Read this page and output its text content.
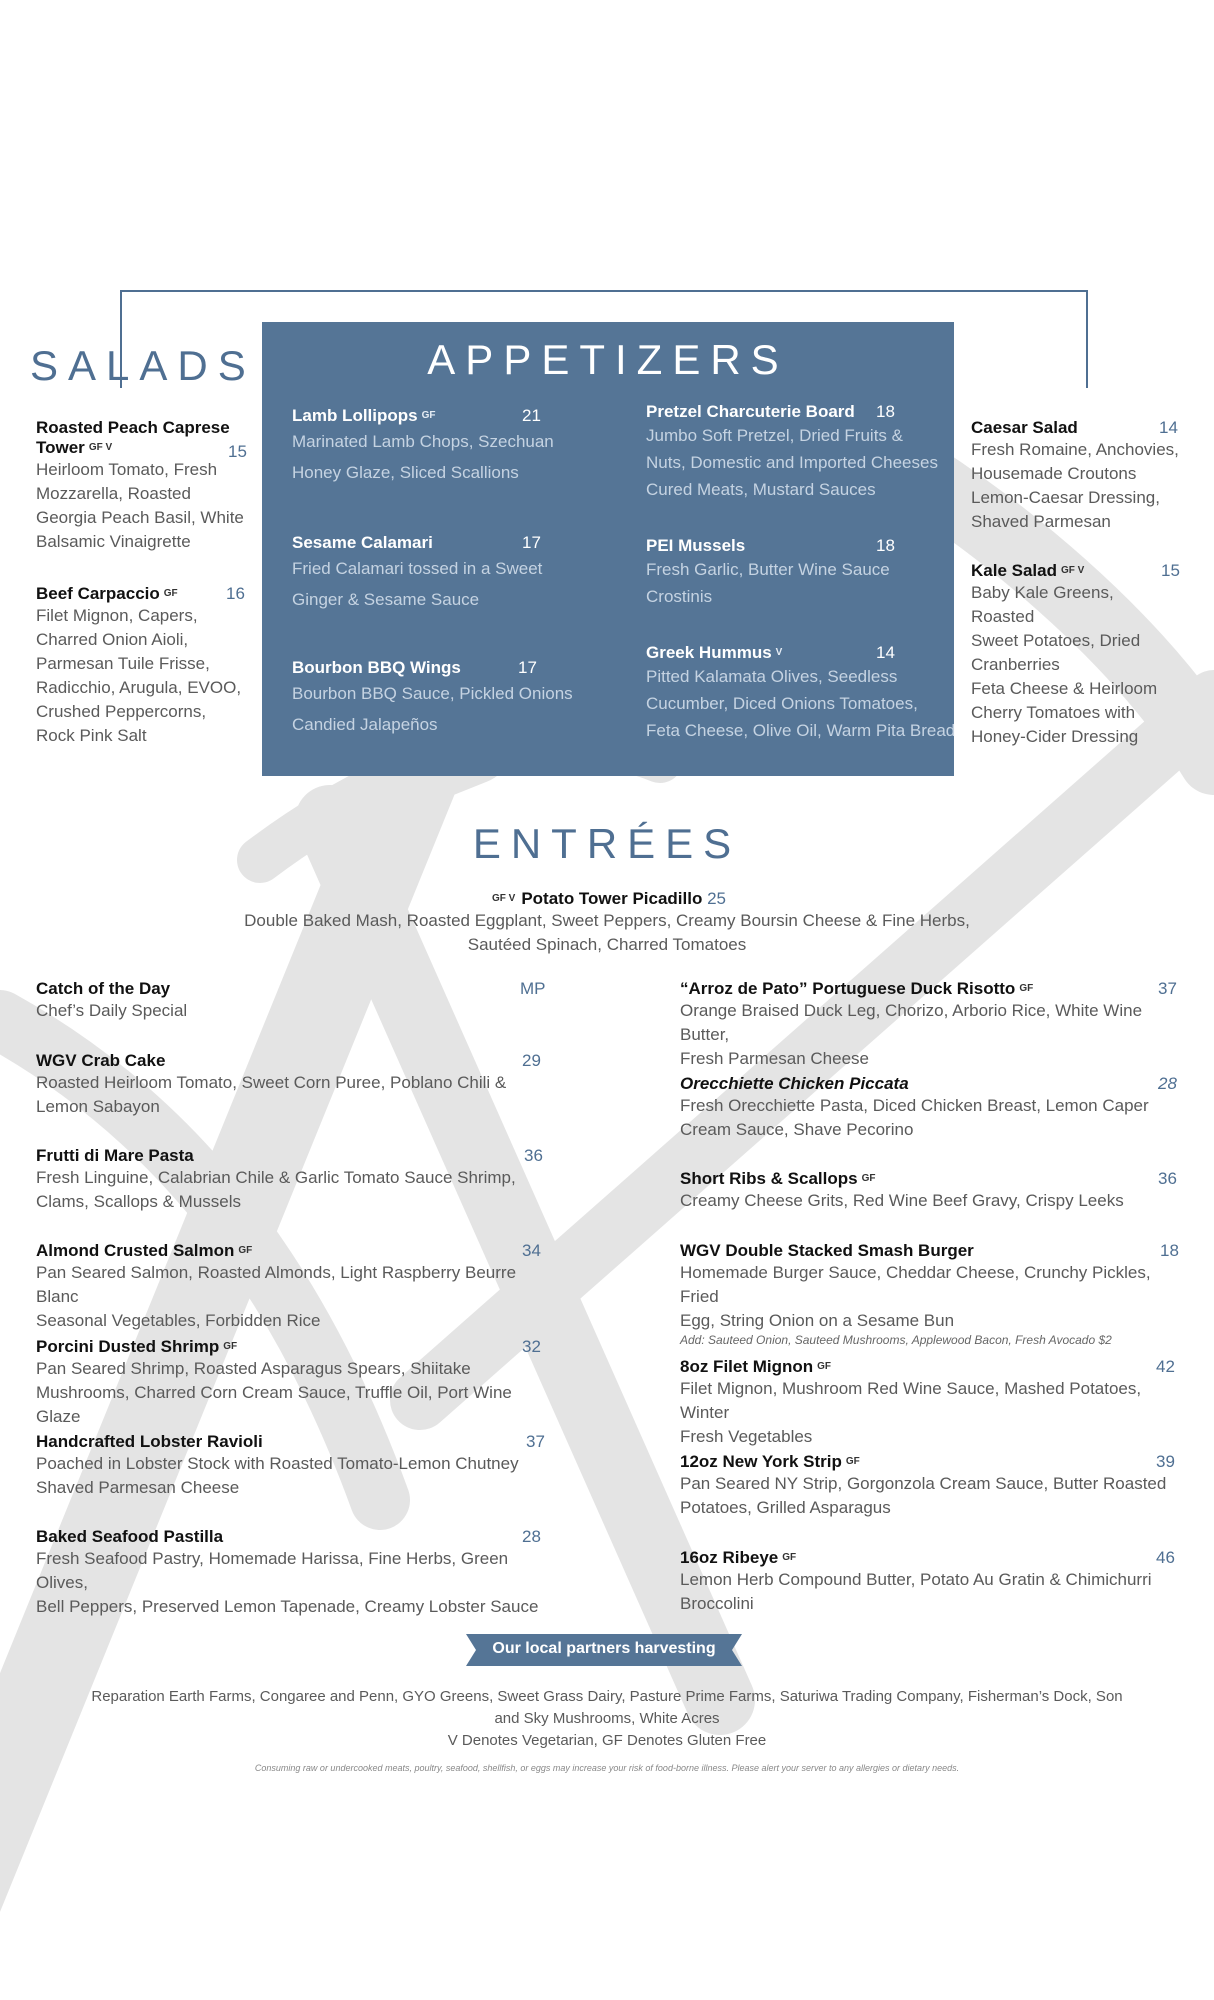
SALADS
Roasted Peach Caprese
Tower GF V	15
Heirloom Tomato, Fresh
Mozzarella, Roasted
Georgia Peach Basil, White
Balsamic Vinaigrette
Beef Carpaccio GF	16
Filet Mignon, Capers,
Charred Onion Aioli,
Parmesan Tuile Frisse,
Radicchio, Arugula, EVOO,
Crushed Peppercorns,
Rock Pink Salt
Caesar Salad	14
Fresh Romaine, Anchovies,
Housemade Croutons
Lemon-Caesar Dressing,
Shaved Parmesan
Kale Salad GF V	15
Baby Kale Greens, Roasted
Sweet Potatoes, Dried
Cranberries
Feta Cheese & Heirloom
Cherry Tomatoes with
Honey-Cider Dressing
APPETIZERS
Lamb Lollipops GF	21
Marinated Lamb Chops, Szechuan
Honey Glaze, Sliced Scallions
Sesame Calamari	17
Fried Calamari tossed in a Sweet
Ginger & Sesame Sauce
Bourbon BBQ Wings	17
Bourbon BBQ Sauce, Pickled Onions
Candied Jalapeños
Pretzel Charcuterie Board	18
Jumbo Soft Pretzel, Dried Fruits &
Nuts, Domestic and Imported Cheeses
Cured Meats, Mustard Sauces
PEI Mussels	18
Fresh Garlic, Butter Wine Sauce
Crostinis
Greek Hummus V	14
Pitted Kalamata Olives, Seedless
Cucumber, Diced Onions Tomatoes,
Feta Cheese, Olive Oil, Warm Pita Bread
ENTRÉES
GF V Potato Tower Picadillo 25
Double Baked Mash, Roasted Eggplant, Sweet Peppers, Creamy Boursin Cheese & Fine Herbs,
Sautéed Spinach, Charred Tomatoes
Catch of the Day	MP
Chef’s Daily Special
WGV Crab Cake	29
Roasted Heirloom Tomato, Sweet Corn Puree, Poblano Chili &
Lemon Sabayon
Frutti di Mare Pasta	36
Fresh Linguine, Calabrian Chile & Garlic Tomato Sauce Shrimp,
Clams, Scallops & Mussels
Almond Crusted Salmon GF	34
Pan Seared Salmon, Roasted Almonds, Light Raspberry Beurre Blanc
Seasonal Vegetables, Forbidden Rice
Porcini Dusted Shrimp GF	32
Pan Seared Shrimp, Roasted Asparagus Spears, Shiitake
Mushrooms, Charred Corn Cream Sauce, Truffle Oil, Port Wine Glaze
Handcrafted Lobster Ravioli	37
Poached in Lobster Stock with Roasted Tomato-Lemon Chutney
Shaved Parmesan Cheese
Baked Seafood Pastilla	28
Fresh Seafood Pastry, Homemade Harissa, Fine Herbs, Green Olives,
Bell Peppers, Preserved Lemon Tapenade, Creamy Lobster Sauce
“Arroz de Pato” Portuguese Duck Risotto GF	37
Orange Braised Duck Leg, Chorizo, Arborio Rice, White Wine Butter,
Fresh Parmesan Cheese
Orecchiette Chicken Piccata	28
Fresh Orecchiette Pasta, Diced Chicken Breast, Lemon Caper
Cream Sauce, Shave Pecorino
Short Ribs & Scallops GF	36
Creamy Cheese Grits, Red Wine Beef Gravy, Crispy Leeks
WGV Double Stacked Smash Burger	18
Homemade Burger Sauce, Cheddar Cheese, Crunchy Pickles, Fried
Egg, String Onion on a Sesame Bun
Add: Sauteed Onion, Sauteed Mushrooms, Applewood Bacon, Fresh Avocado $2
8oz Filet Mignon GF	42
Filet Mignon, Mushroom Red Wine Sauce, Mashed Potatoes, Winter
Fresh Vegetables
12oz New York Strip GF	39
Pan Seared NY Strip, Gorgonzola Cream Sauce, Butter Roasted
Potatoes, Grilled Asparagus
16oz Ribeye GF	46
Lemon Herb Compound Butter, Potato Au Gratin & Chimichurri
Broccolini
Our local partners harvesting
Reparation Earth Farms, Congaree and Penn, GYO Greens, Sweet Grass Dairy, Pasture Prime Farms, Saturiwa Trading Company, Fisherman’s Dock, Son
and Sky Mushrooms, White Acres
V Denotes Vegetarian, GF Denotes Gluten Free
Consuming raw or undercooked meats, poultry, seafood, shellfish, or eggs may increase your risk of food-borne illness. Please alert your server to any allergies or dietary needs.
